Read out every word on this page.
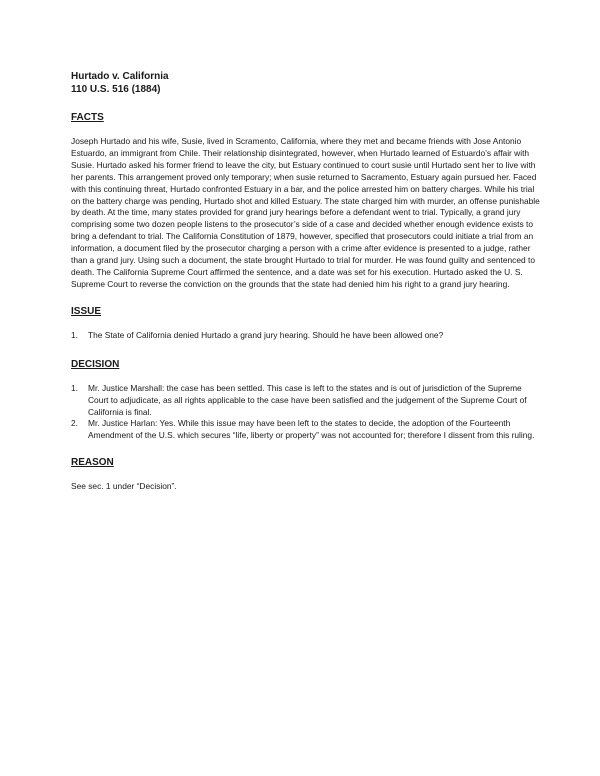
Hurtado v. California
110 U.S. 516 (1884)
FACTS
Joseph Hurtado and his wife, Susie, lived in Scramento, California, where they met and became friends with Jose Antonio Estuardo, an immigrant from Chile. Their relationship disintegrated, however, when Hurtado learned of Estuardo’s affair with Susie. Hurtado asked his former friend to leave the city, but Estuary continued to court susie until Hurtado sent her to live with her parents. This arrangement proved only temporary; when susie returned to Sacramento, Estuary again pursued her. Faced with this continuing threat, Hurtado confronted Estuary in a bar, and the police arrested him on battery charges. While his trial on the battery charge was pending, Hurtado shot and killed Estuary. The state charged him with murder, an offense punishable by death. At the time, many states provided for grand jury hearings before a defendant went to trial. Typically, a grand jury comprising some two dozen people listens to the prosecutor’s side of a case and decided whether enough evidence exists to bring a defendant to trial. The California Constitution of 1879, however, specified that prosecutors could initiate a trial from an information, a document filed by the prosecutor charging a person with a crime after evidence is presented to a judge, rather than a grand jury. Using such a document, the state brought Hurtado to trial for murder. He was found guilty and sentenced to death. The California Supreme Court affirmed the sentence, and a date was set for his execution. Hurtado asked the U. S. Supreme Court to reverse the conviction on the grounds that the state had denied him his right to a grand jury hearing.
ISSUE
1. The State of California denied Hurtado a grand jury hearing. Should he have been allowed one?
DECISION
1. Mr. Justice Marshall: the case has been settled. This case is left to the states and is out of jurisdiction of the Supreme Court to adjudicate, as all rights applicable to the case have been satisfied and the judgement of the Supreme Court of California is final.
2. Mr. Justice Harlan: Yes. While this issue may have been left to the states to decide, the adoption of the Fourteenth Amendment of the U.S. which secures “life, liberty or property” was not accounted for; therefore I dissent from this ruling.
REASON
See sec. 1 under “Decision”.
